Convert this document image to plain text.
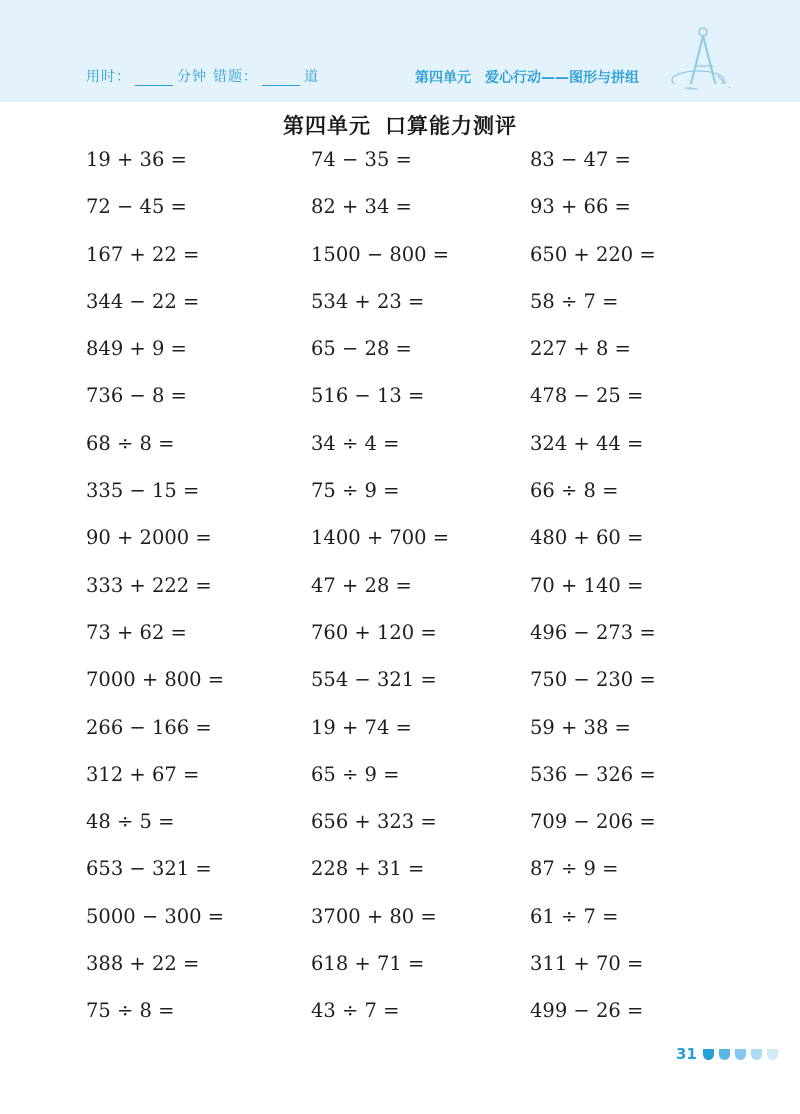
用时：	分钟 错题：	道	第四单元 爱心行动——图形与拼组
第四单元 口算能力测评
19 + 36 =	74 − 35 =	83 − 47 =
72 − 45 =	82 + 34 =	93 + 66 =
167 + 22 =	1500 − 800 =	650 + 220 =
344 − 22 =	534 + 23 =	58 ÷ 7 =
849 + 9 =	65 − 28 =	227 + 8 =
736 − 8 =	516 − 13 =	478 − 25 =
68 ÷ 8 =	34 ÷ 4 =	324 + 44 =
335 − 15 =	75 ÷ 9 =	66 ÷ 8 =
90 + 2000 =	1400 + 700 =	480 + 60 =
333 + 222 =	47 + 28 =	70 + 140 =
73 + 62 =	760 + 120 =	496 − 273 =
7000 + 800 =	554 − 321 =	750 − 230 =
266 − 166 =	19 + 74 =	59 + 38 =
312 + 67 =	65 ÷ 9 =	536 − 326 =
48 ÷ 5 =	656 + 323 =	709 − 206 =
653 − 321 =	228 + 31 =	87 ÷ 9 =
5000 − 300 =	3700 + 80 =	61 ÷ 7 =
388 + 22 =	618 + 71 =	311 + 70 =
75 ÷ 8 =	43 ÷ 7 =	499 − 26 =
31
